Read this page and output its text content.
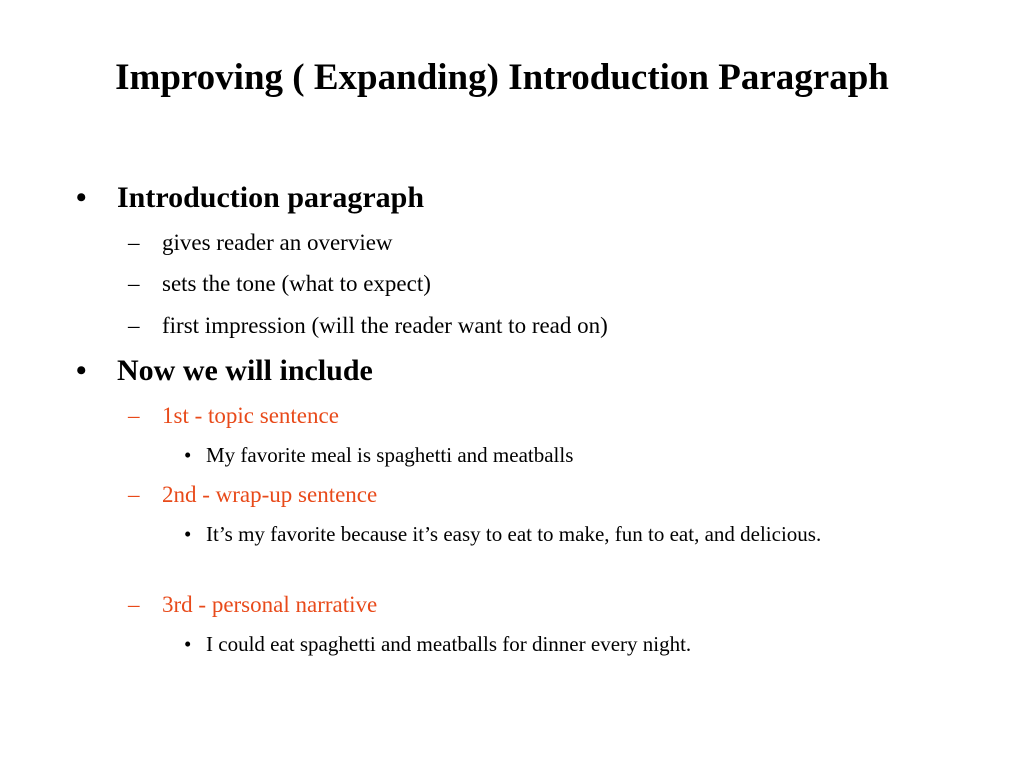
Improving ( Expanding) Introduction Paragraph
• Introduction paragraph
– gives reader an overview
– sets the tone (what to expect)
– first impression (will the reader want to read on)
• Now we will include
– 1st - topic sentence
• My favorite meal is spaghetti and meatballs
– 2nd - wrap-up sentence
• It’s my favorite because it’s easy to eat to make, fun to eat, and delicious.
– 3rd - personal narrative
• I could eat spaghetti and meatballs for dinner every night.
